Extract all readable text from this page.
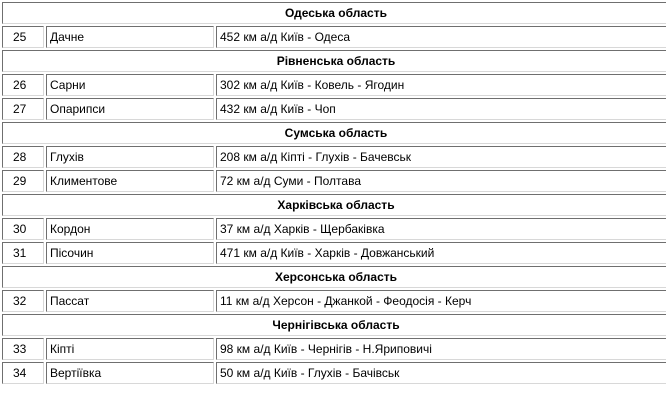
Одеська область		
25	Дачне	452 км а/д Київ - Одеса
Рівненська область		
26	Сарни	302 км а/д Київ - Ковель - Ягодин
27	Опарипси	432 км а/д Київ - Чоп
Сумська область		
28	Глухів	208 км а/д Кіпті - Глухів - Бачевськ
29	Климентове	72 км а/д Суми - Полтава
Харківська область		
30	Кордон	37 км а/д Харків - Щербаківка
31	Пісочин	471 км а/д Київ - Харків - Довжанський
Херсонська область		
32	Пассат	11 км а/д Херсон - Джанкой - Феодосія - Керч
Чернігівська область		
33	Кіпті	98 км а/д Київ - Чернігів - Н.Яриповичі
34	Вертіївка	50 км а/д Київ - Глухів - Бачівськ
